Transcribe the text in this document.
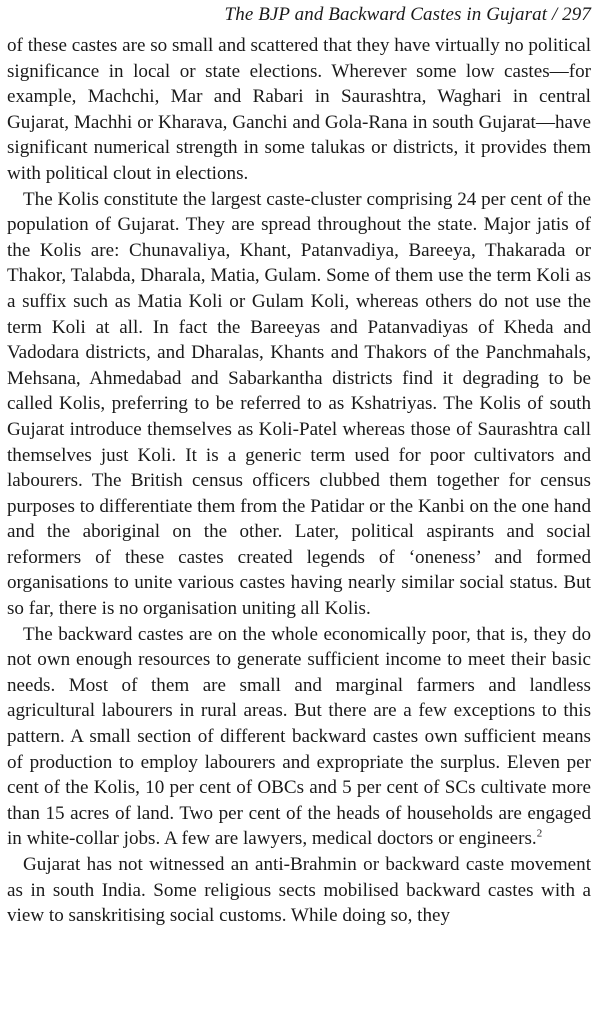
The BJP and Backward Castes in Gujarat / 297

of these castes are so small and scattered that they have virtually no political significance in local or state elections. Wherever some low castes—for example, Machchi, Mar and Rabari in Saurashtra, Waghari in central Gujarat, Machhi or Kharava, Ganchi and Gola-Rana in south Gujarat—have significant numerical strength in some talukas or districts, it provides them with political clout in elections.

The Kolis constitute the largest caste-cluster comprising 24 per cent of the population of Gujarat. They are spread throughout the state. Major jatis of the Kolis are: Chunavaliya, Khant, Patanvadiya, Bareeya, Thakarada or Thakor, Talabda, Dharala, Matia, Gulam. Some of them use the term Koli as a suffix such as Matia Koli or Gulam Koli, whereas others do not use the term Koli at all. In fact the Bareeyas and Patanvadiyas of Kheda and Vadodara districts, and Dharalas, Khants and Thakors of the Panchmahals, Mehsana, Ahmedabad and Sabarkantha districts find it degrading to be called Kolis, preferring to be referred to as Kshatriyas. The Kolis of south Gujarat introduce themselves as Koli-Patel whereas those of Saurashtra call themselves just Koli. It is a generic term used for poor cultivators and labourers. The British census officers clubbed them together for census purposes to differentiate them from the Patidar or the Kanbi on the one hand and the aboriginal on the other. Later, political aspirants and social reformers of these castes created legends of ‘oneness’ and formed organisations to unite various castes having nearly similar social status. But so far, there is no organisation uniting all Kolis.

The backward castes are on the whole economically poor, that is, they do not own enough resources to generate sufficient income to meet their basic needs. Most of them are small and marginal farmers and landless agricultural labourers in rural areas. But there are a few exceptions to this pattern. A small section of different backward castes own sufficient means of production to employ labourers and expropriate the surplus. Eleven per cent of the Kolis, 10 per cent of OBCs and 5 per cent of SCs cultivate more than 15 acres of land. Two per cent of the heads of households are engaged in white-collar jobs. A few are lawyers, medical doctors or engineers.$^2$

Gujarat has not witnessed an anti-Brahmin or backward caste movement as in south India. Some religious sects mobilised backward castes with a view to sanskritising social customs. While doing so, they
